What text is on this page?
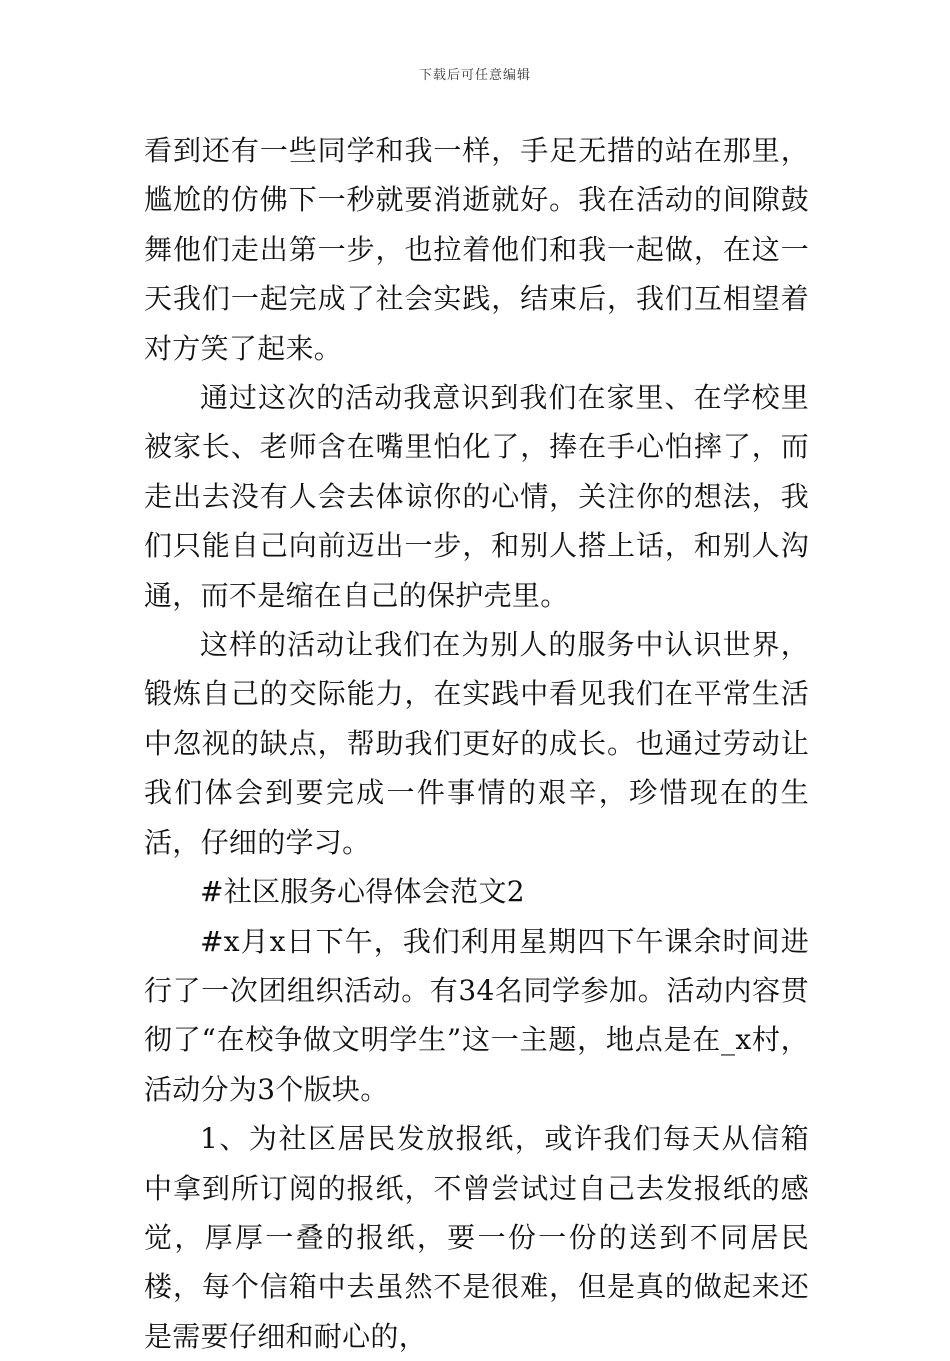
下载后可任意编辑

看到还有一些同学和我一样，手足无措的站在那里，尴尬的仿佛下一秒就要消逝就好。我在活动的间隙鼓舞他们走出第一步，也拉着他们和我一起做，在这一天我们一起完成了社会实践，结束后，我们互相望着对方笑了起来。

通过这次的活动我意识到我们在家里、在学校里被家长、老师含在嘴里怕化了，捧在手心怕摔了，而走出去没有人会去体谅你的心情，关注你的想法，我们只能自己向前迈出一步，和别人搭上话，和别人沟通，而不是缩在自己的保护壳里。

这样的活动让我们在为别人的服务中认识世界，锻炼自己的交际能力，在实践中看见我们在平常生活中忽视的缺点，帮助我们更好的成长。也通过劳动让我们体会到要完成一件事情的艰辛，珍惜现在的生活，仔细的学习。

#社区服务心得体会范文2

#x月x日下午，我们利用星期四下午课余时间进行了一次团组织活动。有34名同学参加。活动内容贯彻了“在校争做文明学生”这一主题，地点是在_x村，活动分为3个版块。

1、为社区居民发放报纸，或许我们每天从信箱中拿到所订阅的报纸，不曾尝试过自己去发报纸的感觉，厚厚一叠的报纸，要一份一份的送到不同居民楼，每个信箱中去虽然不是很难，但是真的做起来还是需要仔细和耐心的，
